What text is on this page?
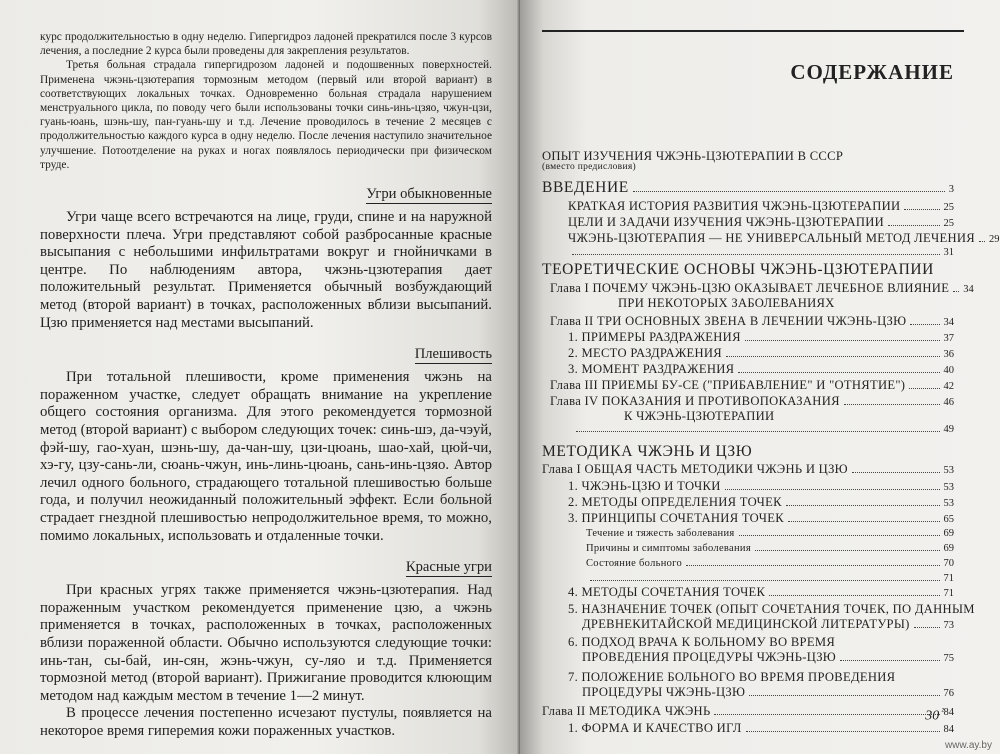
курс продолжительностью в одну неделю. Гипергидроз ладоней прекратился после 3 курсов лечения, а последние 2 курса были проведены для закрепления результатов.

Третья больная страдала гипергидрозом ладоней и подошвенных поверхностей. Применена чжэнь-цзютерапия тормозным методом (первый или второй вариант) в соответствующих локальных точках. Одновременно больная страдала нарушением менструального цикла, по поводу чего были использованы точки синь-инь-цзяо, чжун-цзи, гуань-юань, шэнь-шу, пан-гуань-шу и т.д. Лечение проводилось в течение 2 месяцев с продолжительностью каждого курса в одну неделю. После лечения наступило значительное улучшение. Потоотделение на руках и ногах появлялось периодически при физическом труде.

Угри обыкновенные

Угри чаще всего встречаются на лице, груди, спине и на наружной поверхности плеча. Угри представляют собой разбросанные красные высыпания с небольшими инфильтратами вокруг и гнойничками в центре. По наблюдениям автора, чжэнь-цзютерапия дает положительный результат. Применяется обычный возбуждающий метод (второй вариант) в точках, расположенных вблизи высыпаний. Цзю применяется над местами высыпаний.

Плешивость

При тотальной плешивости, кроме применения чжэнь на пораженном участке, следует обращать внимание на укрепление общего состояния организма. Для этого рекомендуется тормозной метод (второй вариант) с выбором следующих точек: синь-шэ, да-чэуй, фэй-шу, гао-хуан, шэнь-шу, да-чан-шу, цзи-цюань, шао-хай, цюй-чи, хэ-гу, цзу-сань-ли, сюань-чжун, инь-линь-цюань, сань-инь-цзяо. Автор лечил одного больного, страдающего тотальной плешивостью больше года, и получил неожиданный положительный эффект. Если больной страдает гнездной плешивостью непродолжительное время, то можно, помимо локальных, использовать и отдаленные точки.

Красные угри

При красных угрях также применяется чжэнь-цзютерапия. Над пораженным участком рекомендуется применение цзю, а чжэнь применяется в точках, расположенных в точках, расположенных вблизи пораженной области. Обычно используются следующие точки: инь-тан, сы-бай, ин-сян, жэнь-чжун, су-ляо и т.д. Применяется тормозной метод (второй вариант). Прижигание проводится клюющим методом над каждым местом в течение 1—2 минут.

В процессе лечения постепенно исчезают пустулы, появляется на некоторое время гиперемия кожи пораженных участков.

СОДЕРЖАНИЕ
ОПЫТ ИЗУЧЕНИЯ ЧЖЭНЬ-ЦЗЮТЕРАПИИ В СССР
(вместо предисловия)
ВВЕДЕНИЕ	3
КРАТКАЯ ИСТОРИЯ РАЗВИТИЯ ЧЖЭНЬ-ЦЗЮТЕРАПИИ	25
ЦЕЛИ И ЗАДАЧИ ИЗУЧЕНИЯ ЧЖЭНЬ-ЦЗЮТЕРАПИИ	25
ЧЖЭНЬ-ЦЗЮТЕРАПИЯ — НЕ УНИВЕРСАЛЬНЫЙ МЕТОД ЛЕЧЕНИЯ 29
31
ТЕОРЕТИЧЕСКИЕ ОСНОВЫ ЧЖЭНЬ-ЦЗЮТЕРАПИИ
Глава I ПОЧЕМУ ЧЖЭНЬ-ЦЗЮ ОКАЗЫВАЕТ ЛЕЧЕБНОЕ ВЛИЯНИЕ 34
ПРИ НЕКОТОРЫХ ЗАБОЛЕВАНИЯХ
Глава II ТРИ ОСНОВНЫХ ЗВЕНА В ЛЕЧЕНИИ ЧЖЭНЬ-ЦЗЮ	34
1. ПРИМЕРЫ РАЗДРАЖЕНИЯ	37
2. МЕСТО РАЗДРАЖЕНИЯ	36
3. МОМЕНТ РАЗДРАЖЕНИЯ	40
Глава III ПРИЕМЫ БУ-СЕ ("ПРИБАВЛЕНИЕ" И "ОТНЯТИЕ")	42
Глава IV ПОКАЗАНИЯ И ПРОТИВОПОКАЗАНИЯ	46
К ЧЖЭНЬ-ЦЗЮТЕРАПИИ
49
МЕТОДИКА ЧЖЭНЬ И ЦЗЮ
Глава I ОБЩАЯ ЧАСТЬ МЕТОДИКИ ЧЖЭНЬ И ЦЗЮ	53
1. ЧЖЭНЬ-ЦЗЮ И ТОЧКИ	53
2. МЕТОДЫ ОПРЕДЕЛЕНИЯ ТОЧЕК	53
3. ПРИНЦИПЫ СОЧЕТАНИЯ ТОЧЕК	65
Течение и тяжесть заболевания	69
Причины и симптомы заболевания	69
Состояние больного	70
71
4. МЕТОДЫ СОЧЕТАНИЯ ТОЧЕК	71
5. НАЗНАЧЕНИЕ ТОЧЕК (ОПЫТ СОЧЕТАНИЯ ТОЧЕК, ПО ДАННЫМ
ДРЕВНЕКИТАЙСКОЙ МЕДИЦИНСКОЙ ЛИТЕРАТУРЫ)	73
6. ПОДХОД ВРАЧА К БОЛЬНОМУ ВО ВРЕМЯ
ПРОВЕДЕНИЯ ПРОЦЕДУРЫ ЧЖЭНЬ-ЦЗЮ	75
7. ПОЛОЖЕНИЕ БОЛЬНОГО ВО ВРЕМЯ ПРОВЕДЕНИЯ
ПРОЦЕДУРЫ ЧЖЭНЬ-ЦЗЮ	76
Глава II МЕТОДИКА ЧЖЭНЬ	84
1. ФОРМА И КАЧЕСТВО ИГЛ	84
30 $^{^2}$
www.ay.by
